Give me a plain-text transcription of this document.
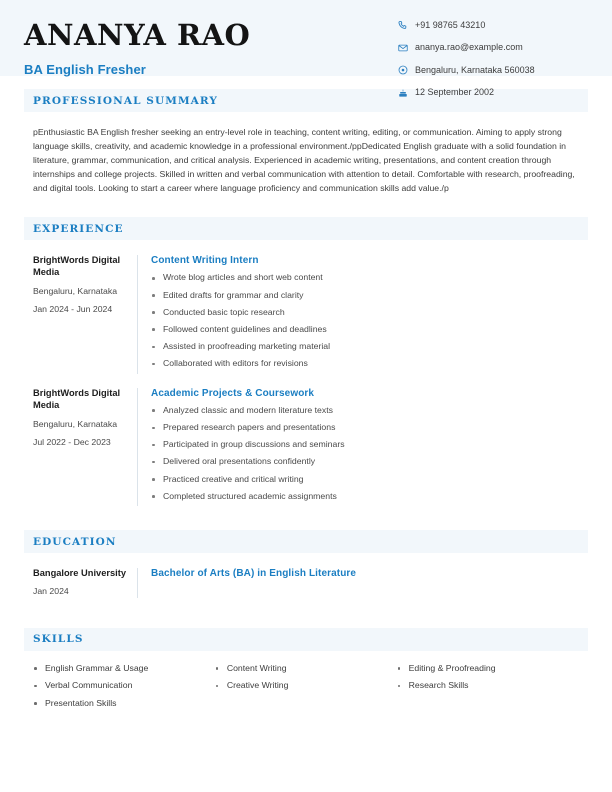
ANANYA RAO
BA English Fresher
+91 98765 43210
ananya.rao@example.com
Bengaluru, Karnataka 560038
12 September 2002
PROFESSIONAL SUMMARY
pEnthusiastic BA English fresher seeking an entry-level role in teaching, content writing, editing, or communication. Aiming to apply strong language skills, creativity, and academic knowledge in a professional environment./ppDedicated English graduate with a solid foundation in literature, grammar, communication, and critical analysis. Experienced in academic writing, presentations, and content creation through internships and college projects. Skilled in written and verbal communication with attention to detail. Comfortable with research, proofreading, and digital tools. Looking to start a career where language proficiency and communication skills add value./p
EXPERIENCE
BrightWords Digital Media
Bengaluru, Karnataka
Jan 2024 - Jun 2024
Content Writing Intern
Wrote blog articles and short web content
Edited drafts for grammar and clarity
Conducted basic topic research
Followed content guidelines and deadlines
Assisted in proofreading marketing material
Collaborated with editors for revisions
BrightWords Digital Media
Bengaluru, Karnataka
Jul 2022 - Dec 2023
Academic Projects & Coursework
Analyzed classic and modern literature texts
Prepared research papers and presentations
Participated in group discussions and seminars
Delivered oral presentations confidently
Practiced creative and critical writing
Completed structured academic assignments
EDUCATION
Bangalore University
Jan 2024
Bachelor of Arts (BA) in English Literature
SKILLS
English Grammar & Usage
Verbal Communication
Presentation Skills
Content Writing
Creative Writing
Editing & Proofreading
Research Skills
